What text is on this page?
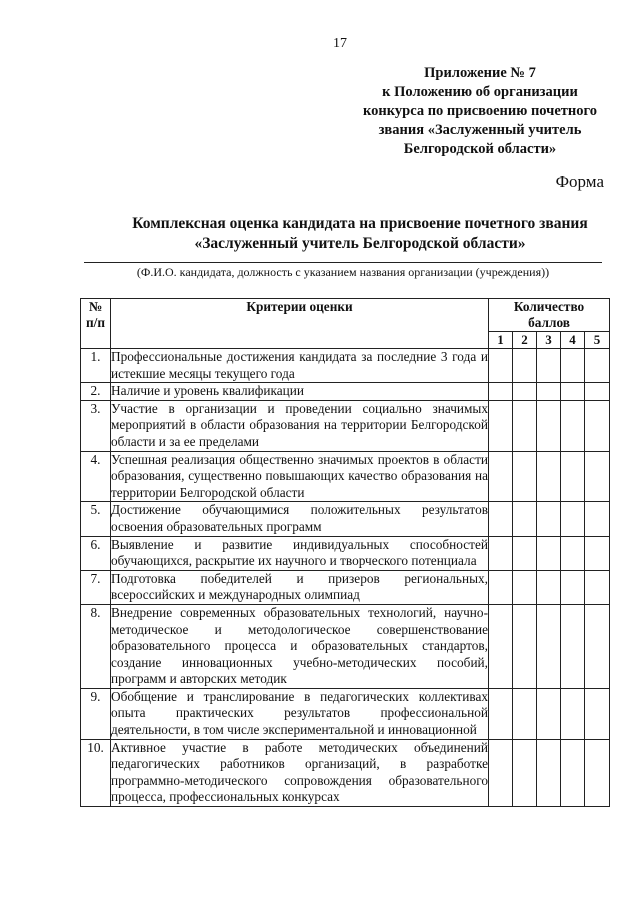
17
Приложение № 7
к Положению об организации
конкурса по присвоению почетного
звания «Заслуженный учитель
Белгородской области»
Форма
Комплексная оценка кандидата на присвоение почетного звания
«Заслуженный учитель Белгородской области»
(Ф.И.О. кандидата, должность с указанием названия организации (учреждения))
№ п/п	Критерии оценки	Количество баллов				

		1	2	3	4	5
1.	Профессиональные достижения кандидата за последние 3 года и истекшие месяцы текущего года					
2.	Наличие и уровень квалификации					
3.	Участие в организации и проведении социально значимых мероприятий в области образования на территории Белгородской области и за ее пределами					
4.	Успешная реализация общественно значимых проектов в области образования, существенно повышающих качество образования на территории Белгородской области					
5.	Достижение обучающимися положительных результатов освоения образовательных программ					
6.	Выявление и развитие индивидуальных способностей обучающихся, раскрытие их научного и творческого потенциала					
7.	Подготовка победителей и призеров региональных, всероссийских и международных олимпиад					
8.	Внедрение современных образовательных технологий, научно-методическое и методологическое совершенствование образовательного процесса и образовательных стандартов, создание инновационных учебно-методических пособий, программ и авторских методик					
9.	Обобщение и транслирование в педагогических коллективах опыта практических результатов профессиональной деятельности, в том числе экспериментальной и инновационной					
10.	Активное участие в работе методических объединений педагогических работников организаций, в разработке программно-методического сопровождения образовательного процесса, профессиональных конкурсах					
